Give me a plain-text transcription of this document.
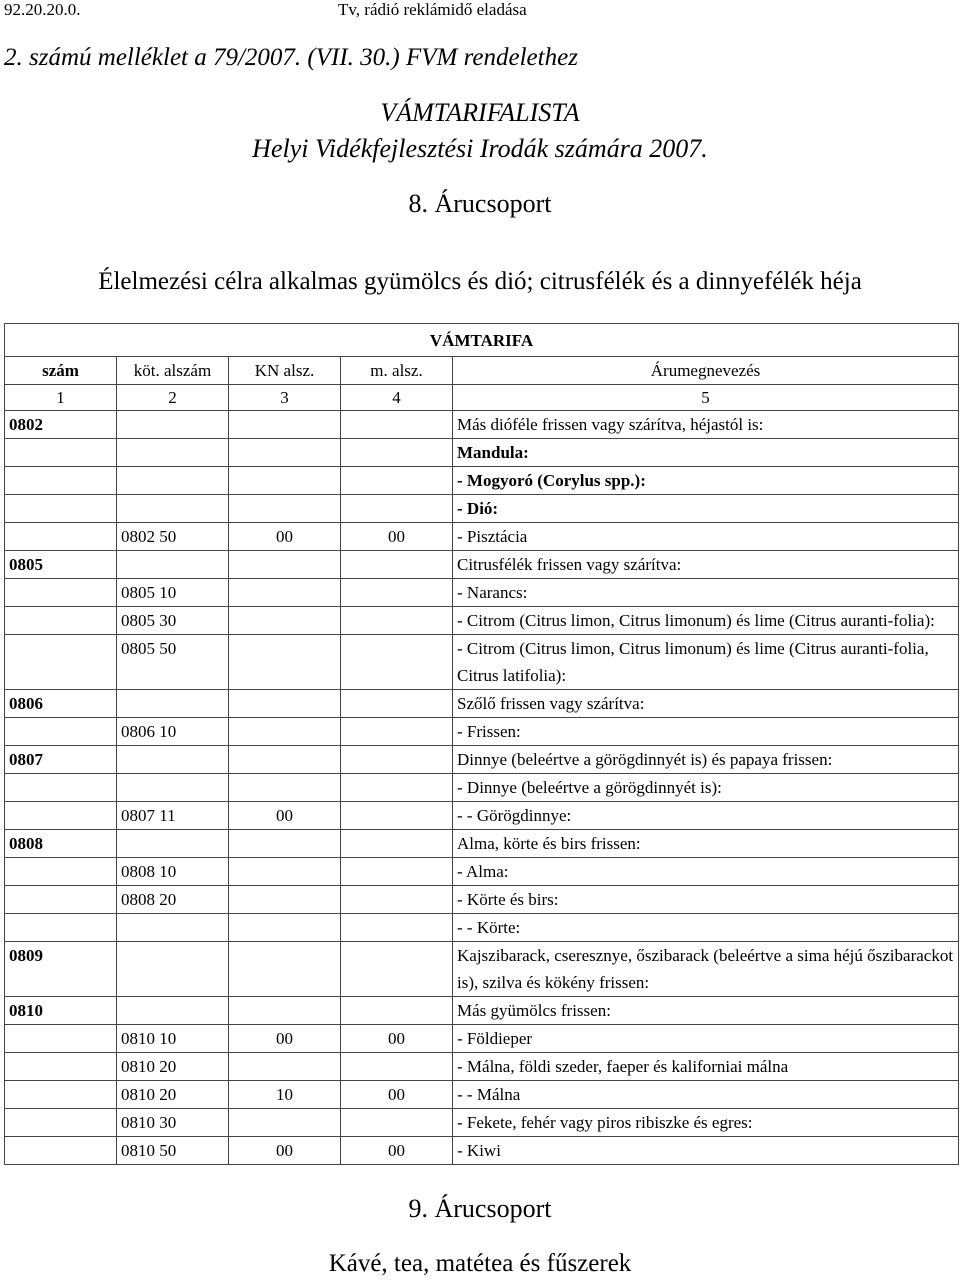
92.20.20.0.	Tv, rádió reklámidő eladása
2. számú melléklet a 79/2007. (VII. 30.) FVM rendelethez
VÁMTARIFALISTA
Helyi Vidékfejlesztési Irodák számára 2007.
8. Árucsoport
Élelmezési célra alkalmas gyümölcs és dió; citrusfélék és a dinnyefélék héja
VÁMTARIFA				
szám	köt. alszám	KN alsz.	m. alsz.	Árumegnevezés
1	2	3	4	5
0802				Más dióféle frissen vagy szárítva, héjastól is:
				Mandula:
				- Mogyoró (Corylus spp.):
				- Dió:
	0802 50	00	00	- Pisztácia
0805				Citrusfélék frissen vagy szárítva:
	0805 10			- Narancs:
	0805 30			- Citrom (Citrus limon, Citrus limonum) és lime (Citrus auranti-folia):
	0805 50			- Citrom (Citrus limon, Citrus limonum) és lime (Citrus auranti-folia, Citrus latifolia):
0806				Szőlő frissen vagy szárítva:
	0806 10			- Frissen:
0807				Dinnye (beleértve a görögdinnyét is) és papaya frissen:
				- Dinnye (beleértve a görögdinnyét is):
	0807 11	00		- - Görögdinnye:
0808				Alma, körte és birs frissen:
	0808 10			- Alma:
	0808 20			- Körte és birs:
				- - Körte:
0809				Kajszibarack, cseresznye, őszibarack (beleértve a sima héjú őszibarackot is), szilva és kökény frissen:
0810				Más gyümölcs frissen:
	0810 10	00	00	- Földieper
	0810 20			- Málna, földi szeder, faeper és kaliforniai málna
	0810 20	10	00	- - Málna
	0810 30			- Fekete, fehér vagy piros ribiszke és egres:
	0810 50	00	00	- Kiwi
9. Árucsoport
Kávé, tea, matétea és fűszerek
